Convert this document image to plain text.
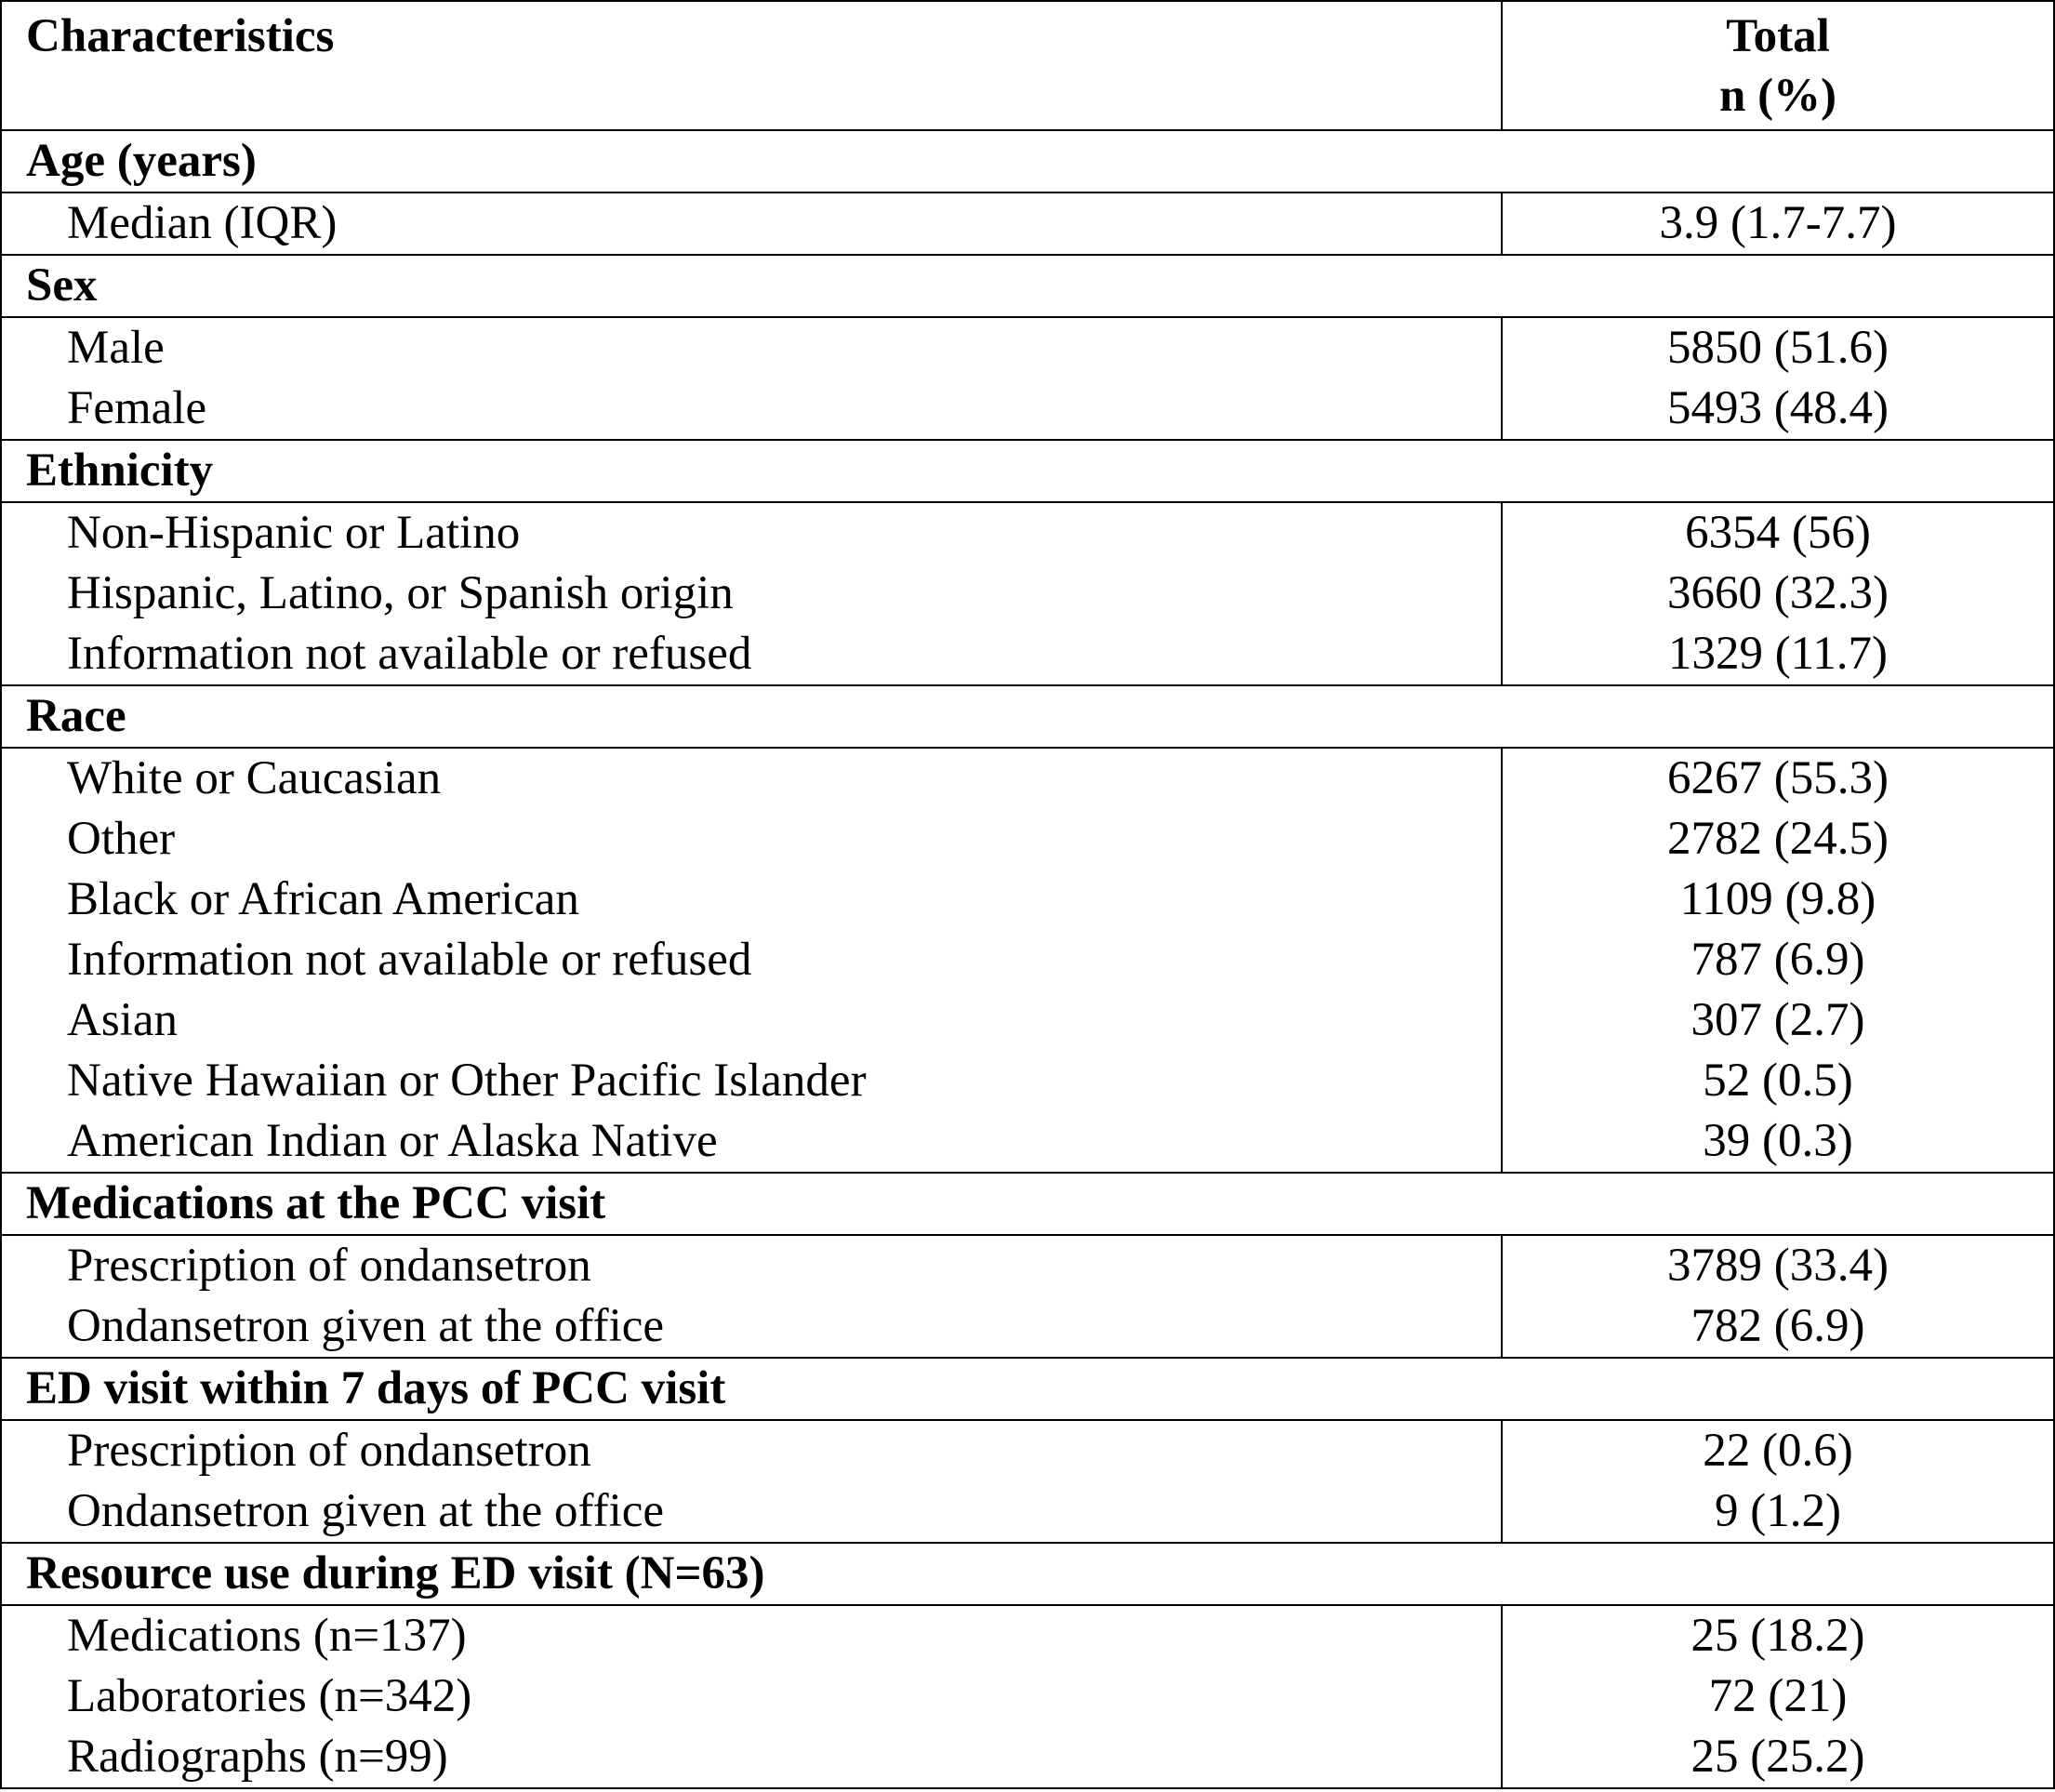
Characteristics	Total
n (%)
Age (years)	
Median (IQR)	3.9 (1.7-7.7)
Sex	
Male	5850 (51.6)
Female	5493 (48.4)
Ethnicity	
Non-Hispanic or Latino	6354 (56)
Hispanic, Latino, or Spanish origin	3660 (32.3)
Information not available or refused	1329 (11.7)
Race	
White or Caucasian	6267 (55.3)
Other	2782 (24.5)
Black or African American	1109 (9.8)
Information not available or refused	787 (6.9)
Asian	307 (2.7)
Native Hawaiian or Other Pacific Islander	52 (0.5)
American Indian or Alaska Native	39 (0.3)
Medications at the PCC visit	
Prescription of ondansetron	3789 (33.4)
Ondansetron given at the office	782 (6.9)
ED visit within 7 days of PCC visit	
Prescription of ondansetron	22 (0.6)
Ondansetron given at the office	9 (1.2)
Resource use during ED visit (N=63)	
Medications (n=137)	25 (18.2)
Laboratories (n=342)	72 (21)
Radiographs (n=99)	25 (25.2)
